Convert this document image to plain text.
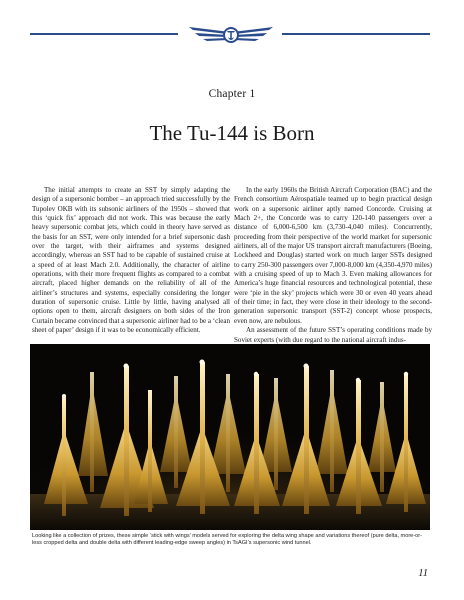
Chapter 1
The Tu-144 is Born

The initial attempts to create an SST by simply adapting the design of a supersonic bomber – an approach tried successfully by the Tupolev OKB with its subsonic airliners of the 1950s – showed that this ‘quick fix’ approach did not work. This was because the early heavy supersonic combat jets, which could in theory have served as the basis for an SST, were only intended for a brief supersonic dash over the target, with their airframes and systems designed accordingly, whereas an SST had to be capable of sustained cruise at a speed of at least Mach 2.0. Additionally, the character of airline operations, with their more frequent flights as compared to a combat aircraft, placed higher demands on the reliability of all of the airliner’s structures and systems, especially considering the longer duration of supersonic cruise. Little by little, having analysed all options open to them, aircraft designers on both sides of the Iron Curtain became convinced that a supersonic airliner had to be a ‘clean sheet of paper’ design if it was to be economically efficient.

In the early 1960s the British Aircraft Corporation (BAC) and the French consortium Aérospatiale teamed up to begin practical design work on a supersonic airliner aptly named Concorde. Cruising at Mach 2+, the Concorde was to carry 120-140 passengers over a distance of 6,000-6,500 km (3,730-4,040 miles). Concurrently, proceeding from their perspective of the world market for supersonic airliners, all of the major US transport aircraft manufacturers (Boeing, Lockheed and Douglas) started work on much larger SSTs designed to carry 250-300 passengers over 7,000-8,000 km (4,350-4,970 miles) with a cruising speed of up to Mach 3. Even making allowances for America’s huge financial resources and technological potential, these were ‘pie in the sky’ projects which were 30 or even 40 years ahead of their time; in fact, they were close in their ideology to the second-generation supersonic transport (SST-2) concept whose prospects, even now, are nebulous.

An assessment of the future SST’s operating conditions made by Soviet experts (with due regard to the national aircraft indus-

Looking like a collection of prizes, these simple ‘stick with wings’ models served for exploring the delta wing shape and variations thereof (pure delta, more-or-less cropped delta and double delta with different leading-edge sweep angles) in TsAGI’s supersonic wind tunnel.
11
